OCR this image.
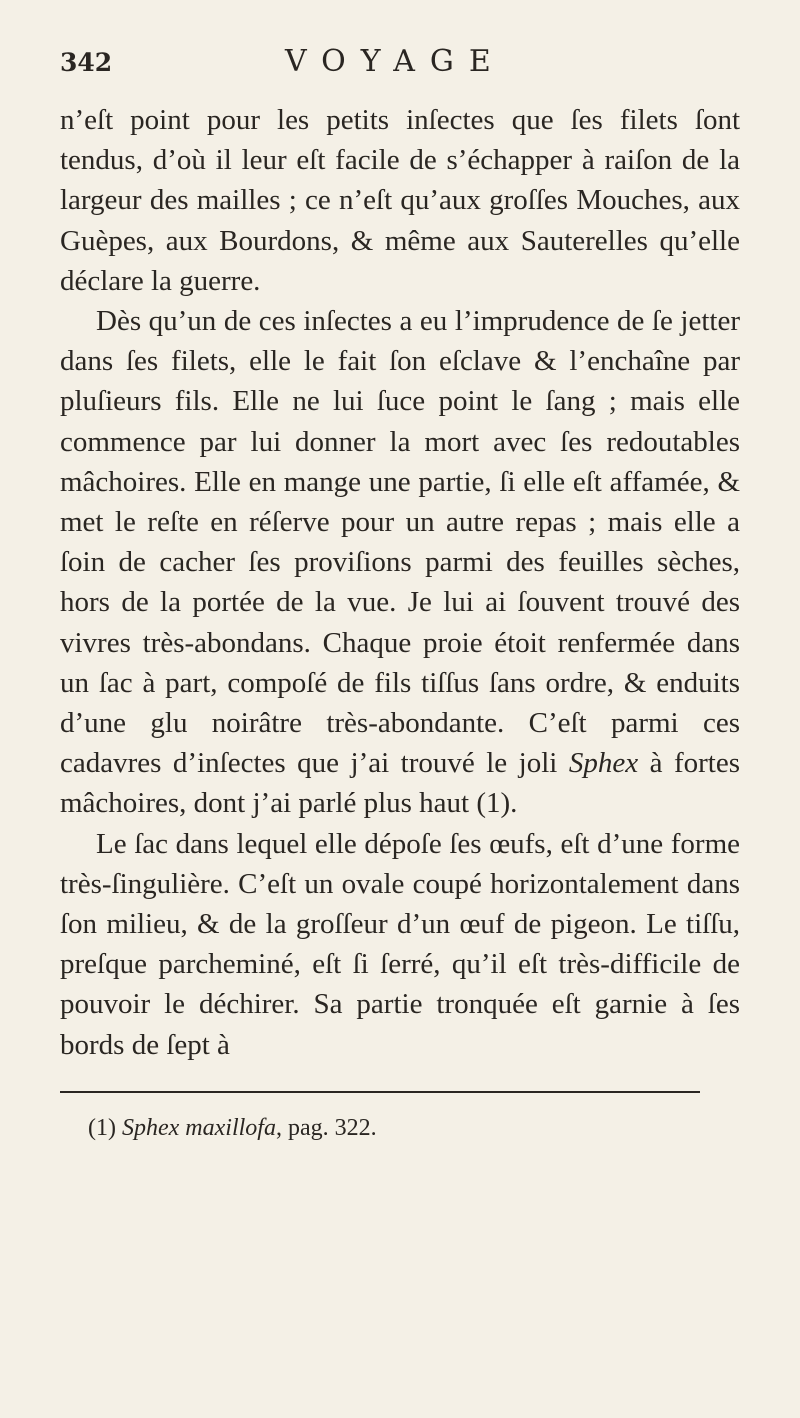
342	VOYAGE

n’eſt point pour les petits inſectes que ſes filets ſont tendus, d’où il leur eſt facile de s’échapper à raiſon de la largeur des mailles ; ce n’eſt qu’aux groſſes Mouches, aux Guèpes, aux Bourdons, & même aux Sauterelles qu’elle déclare la guerre.

Dès qu’un de ces inſectes a eu l’imprudence de ſe jetter dans ſes filets, elle le fait ſon eſclave & l’enchaîne par pluſieurs fils. Elle ne lui ſuce point le ſang ; mais elle commence par lui donner la mort avec ſes redoutables mâchoires. Elle en mange une partie, ſi elle eſt affamée, & met le reſte en réſerve pour un autre repas ; mais elle a ſoin de cacher ſes proviſions parmi des feuilles sèches, hors de la portée de la vue. Je lui ai ſouvent trouvé des vivres très-abondans. Chaque proie étoit renfermée dans un ſac à part, compoſé de fils tiſſus ſans ordre, & enduits d’une glu noirâtre très-abondante. C’eſt parmi ces cadavres d’inſectes que j’ai trouvé le joli Sphex à fortes mâchoires, dont j’ai parlé plus haut (1).

Le ſac dans lequel elle dépoſe ſes œufs, eſt d’une forme très-ſingulière. C’eſt un ovale coupé horizontalement dans ſon milieu, & de la groſſeur d’un œuf de pigeon. Le tiſſu, preſque parcheminé, eſt ſi ſerré, qu’il eſt très-difficile de pouvoir le déchirer. Sa partie tronquée eſt garnie à ſes bords de ſept à

(1) Sphex maxillofa, pag. 322.
